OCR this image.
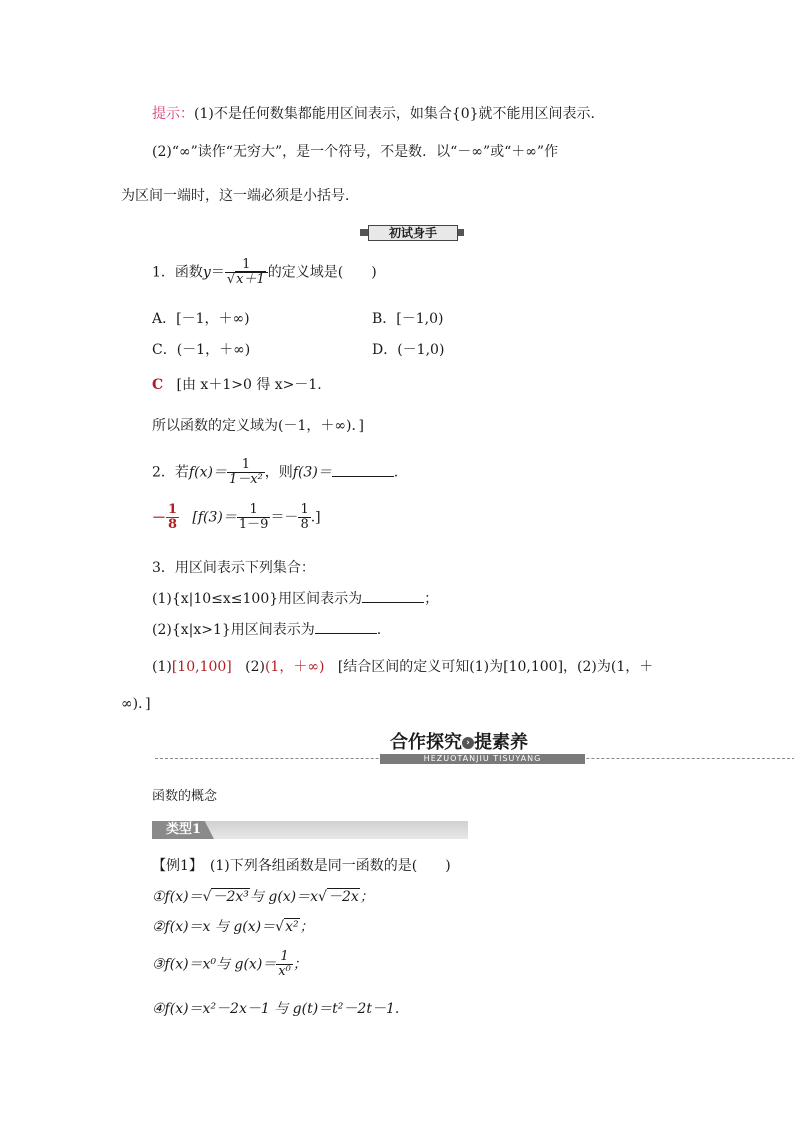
提示：(1)不是任何数集都能用区间表示，如集合{0}就不能用区间表示.
(2)“∞”读作“无穷大”，是一个符号，不是数．以“－∞”或“＋∞”作
为区间一端时，这一端必须是小括号．
初试身手
1．函数$y= \frac{1}{√x+1}$ 的定义域是(　　)
A．[－1，＋∞)	B．[－1,0)
C．(－1，＋∞)	D．(－1,0)
C [由 x＋1>0 得 x>－1.
所以函数的定义域为(－1，＋∞)．]
2．若$f(x)= \frac{1}{\text{1－x²}}$ ，则f(3)＝	.
－ $\frac{1}{8} [f(3)= \frac{1}{1-9} =- \frac{1}{8}$ .]
3．用区间表示下列集合：
(1){x|10≤x≤100}用区间表示为	；
(2){x|x>1}用区间表示为	.
(1)[10,100] (2)(1，＋∞) [结合区间的定义可知(1)为[10,100]，(2)为(1，＋
∞)．]
合作探究 › 提素养
HEZUOTANJIU TISUYANG
函数的概念
类型1
【例1】　(1)下列各组函数是同一函数的是(　　)
①f(x)＝√－2x³与 g(x)＝x√－2x；
②f(x)＝x 与 g(x)＝√x²；
③f(x)＝x⁰与 $g(x)= \frac{1}{\text{x⁰}}$ ；
④f(x)＝x²－2x－1 与 g(t)＝t²－2t－1.
